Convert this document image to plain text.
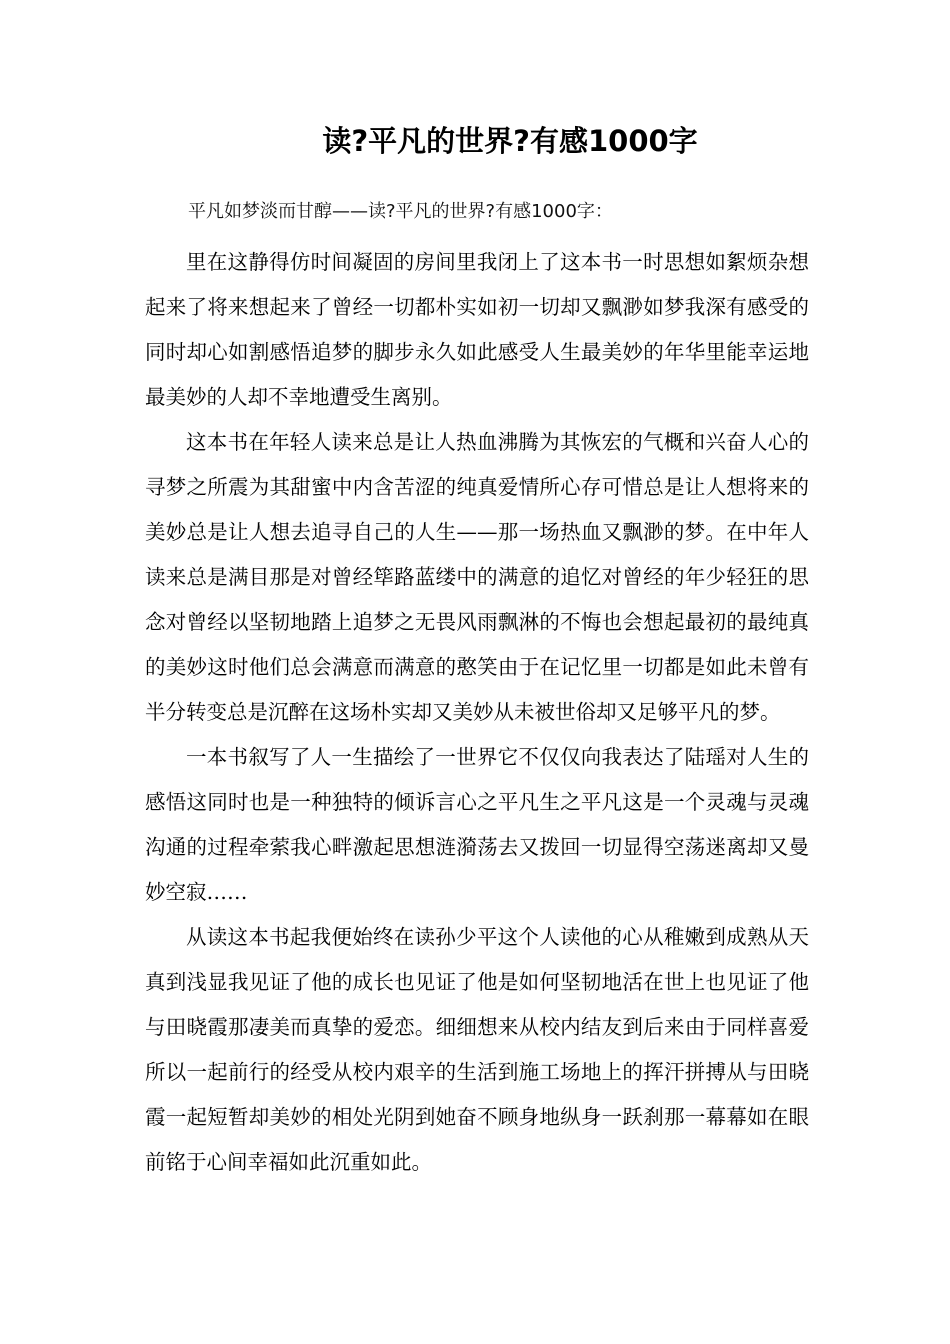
读?平凡的世界?有感1000字
平凡如梦淡而甘醇——读?平凡的世界?有感1000字：

里在这静得仿时间凝固的房间里我闭上了这本书一时思想如絮烦杂想起来了将来想起来了曾经一切都朴实如初一切却又飘渺如梦我深有感受的同时却心如割感悟追梦的脚步永久如此感受人生最美妙的年华里能幸运地最美妙的人却不幸地遭受生离别。

这本书在年轻人读来总是让人热血沸腾为其恢宏的气概和兴奋人心的寻梦之所震为其甜蜜中内含苦涩的纯真爱情所心存可惜总是让人想将来的美妙总是让人想去追寻自己的人生——那一场热血又飘渺的梦。在中年人读来总是满目那是对曾经筚路蓝缕中的满意的追忆对曾经的年少轻狂的思念对曾经以坚韧地踏上追梦之无畏风雨飘淋的不悔也会想起最初的最纯真的美妙这时他们总会满意而满意的憨笑由于在记忆里一切都是如此未曾有半分转变总是沉醉在这场朴实却又美妙从未被世俗却又足够平凡的梦。

一本书叙写了人一生描绘了一世界它不仅仅向我表达了陆瑶对人生的感悟这同时也是一种独特的倾诉言心之平凡生之平凡这是一个灵魂与灵魂沟通的过程牵萦我心畔激起思想涟漪荡去又拨回一切显得空荡迷离却又曼妙空寂……

从读这本书起我便始终在读孙少平这个人读他的心从稚嫩到成熟从天真到浅显我见证了他的成长也见证了他是如何坚韧地活在世上也见证了他与田晓霞那凄美而真挚的爱恋。细细想来从校内结友到后来由于同样喜爱所以一起前行的经受从校内艰辛的生活到施工场地上的挥汗拼搏从与田晓霞一起短暂却美妙的相处光阴到她奋不顾身地纵身一跃刹那一幕幕如在眼前铭于心间幸福如此沉重如此。
